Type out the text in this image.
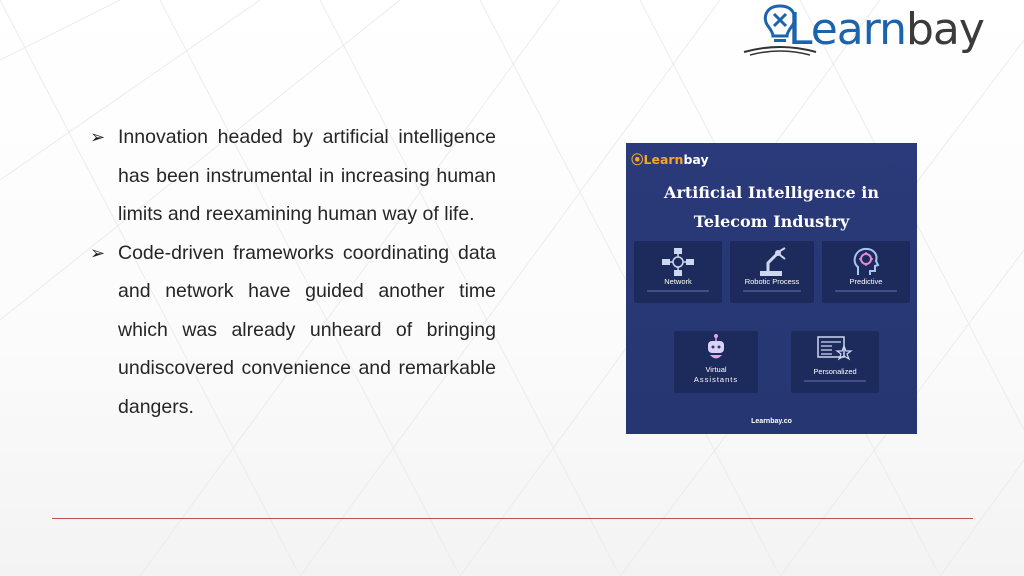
Learnbay
➢ Innovation headed by artificial intelligence has been instrumental in increasing human limits and reexamining human way of life.
➢ Code-driven frameworks coordinating data and network have guided another time which was already unheard of bringing undiscovered convenience and remarkable dangers.
⦿Learnbay
Artificial Intelligence in
Telecom Industry
Network	Robotic Process	Predictive
Virtual
Assistants
Personalized
Learnbay.co
